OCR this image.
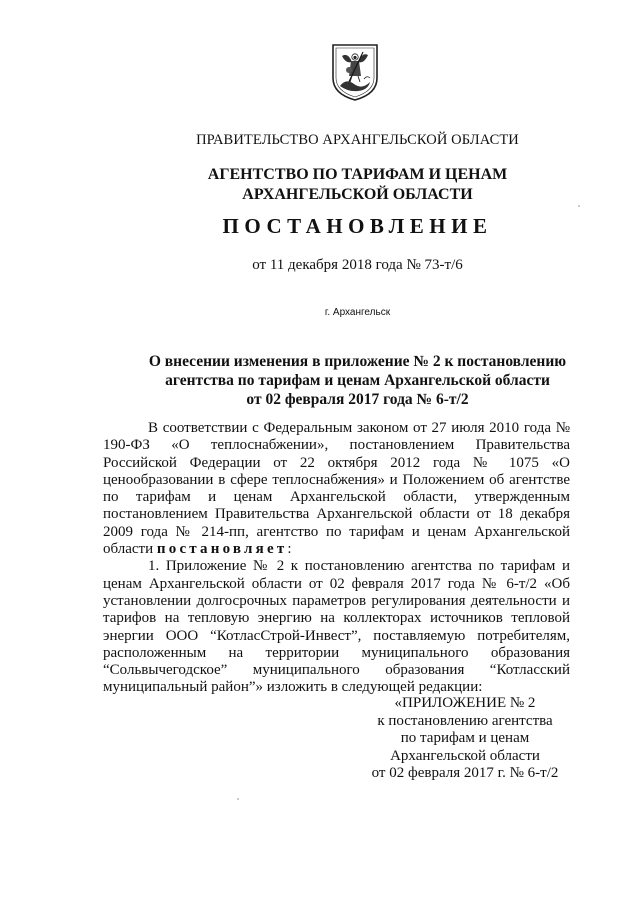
ПРАВИТЕЛЬСТВО АРХАНГЕЛЬСКОЙ ОБЛАСТИ
АГЕНТСТВО ПО ТАРИФАМ И ЦЕНАМ
АРХАНГЕЛЬСКОЙ ОБЛАСТИ
ПОСТАНОВЛЕНИЕ
от 11 декабря 2018 года № 73-т/6
г. Архангельск
О внесении изменения в приложение № 2 к постановлению
агентства по тарифам и ценам Архангельской области
от 02 февраля 2017 года № 6-т/2

В соответствии с Федеральным законом от 27 июля 2010 года № 190-ФЗ «О теплоснабжении», постановлением Правительства Российской Федерации от 22 октября 2012 года № 1075 «О ценообразовании в сфере теплоснабжения» и Положением об агентстве по тарифам и ценам Архангельской области, утвержденным постановлением Правительства Архангельской области от 18 декабря 2009 года № 214-пп, агентство по тарифам и ценам Архангельской области постановляет:

1. Приложение № 2 к постановлению агентства по тарифам и ценам Архангельской области от 02 февраля 2017 года № 6-т/2 «Об установлении долгосрочных параметров регулирования деятельности и тарифов на тепловую энергию на коллекторах источников тепловой энергии ООО “КотласСтрой-Инвест”, поставляемую потребителям, расположенным на территории муниципального образования “Сольвычегодское” муниципального образования “Котласский муниципальный район”» изложить в следующей редакции:

«ПРИЛОЖЕНИЕ № 2
к постановлению агентства
по тарифам и ценам
Архангельской области
от 02 февраля 2017 г. № 6-т/2
